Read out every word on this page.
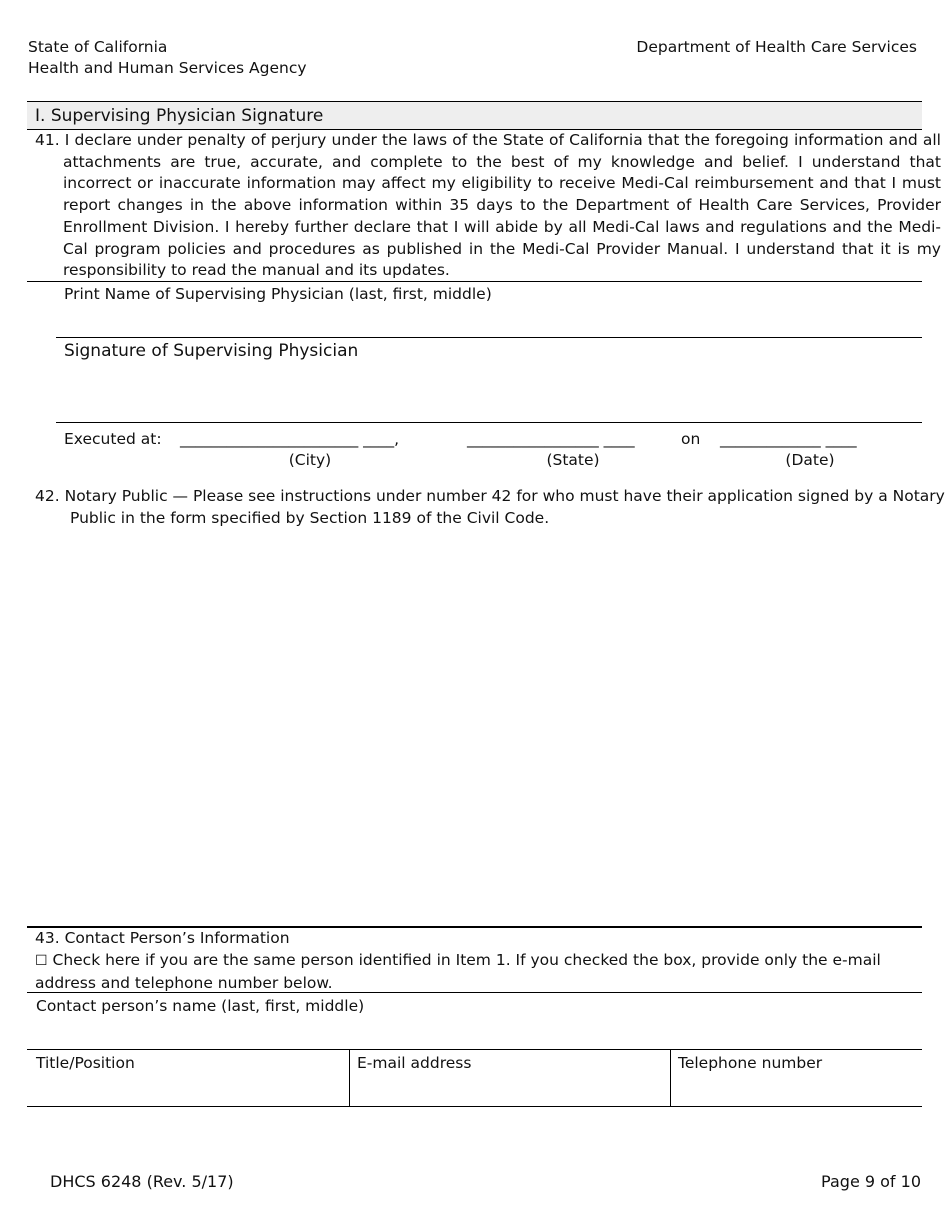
State of California
Health and Human Services Agency
Department of Health Care Services
I. Supervising Physician Signature
41. I declare under penalty of perjury under the laws of the State of California that the foregoing information and all attachments are true, accurate, and complete to the best of my knowledge and belief. I understand that incorrect or inaccurate information may affect my eligibility to receive Medi-Cal reimbursement and that I must report changes in the above information within 35 days to the Department of Health Care Services, Provider Enrollment Division. I hereby further declare that I will abide by all Medi-Cal laws and regulations and the Medi-Cal program policies and procedures as published in the Medi-Cal Provider Manual. I understand that it is my responsibility to read the manual and its updates.
Print Name of Supervising Physician (last, first, middle)
Signature of Supervising Physician
Executed at: _______________________ ____,	_________________ ____	on _____________ ____
(City)	(State)	(Date)
42. Notary Public — Please see instructions under number 42 for who must have their application signed by a Notary Public in the form specified by Section 1189 of the Civil Code.
43. Contact Person’s Information
☐ Check here if you are the same person identified in Item 1. If you checked the box, provide only the e-mail address and telephone number below.
Contact person’s name (last, first, middle)
Title/Position	E-mail address	Telephone number
DHCS 6248 (Rev. 5/17)	Page 9 of 10
